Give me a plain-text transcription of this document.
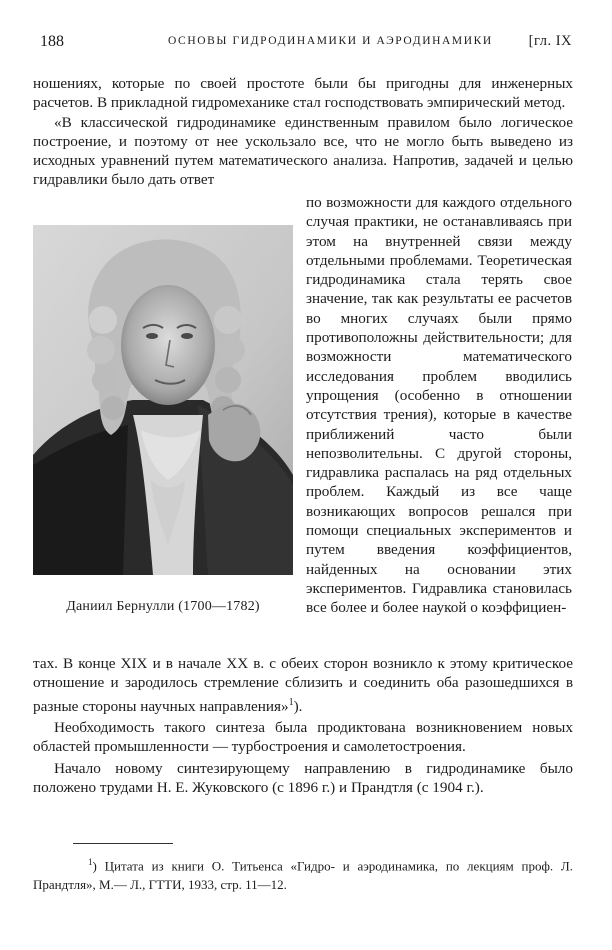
188	ОСНОВЫ ГИДРОДИНАМИКИ И АЭРОДИНАМИКИ [гл. IX

ношениях, которые по своей простоте были бы пригодны для инженерных расчетов. В прикладной гидромеханике стал господствовать эмпирический метод.

«В классической гидродинамике единственным правилом было логическое построение, и поэтому от нее ускользало все, что не могло быть выведено из исходных уравнений путем математического анализа. Напротив, задачей и целью гидравлики было дать ответ

Даниил Бернулли (1700—1782)

по возможности для каждого отдельного случая практики, не останавливаясь при этом на внутренней связи между отдельными проблемами. Теоретическая гидродинамика стала терять свое значение, так как результаты ее расчетов во многих случаях были прямо противоположны действительности; для возможности математического исследования проблем вводились упрощения (особенно в отношении отсутствия трения), которые в качестве приближений часто были непозволительны. С другой стороны, гидравлика распалась на ряд отдельных проблем. Каждый из все чаще возникающих вопросов решался при помощи специальных экспериментов и путем введения коэффициентов, найденных на основании этих экспериментов. Гидравлика становилась все более и более наукой о коэффициен-

тах. В конце XIX и в начале XX в. с обеих сторон возникло к этому критическое отношение и зародилось стремление сблизить и соединить оба разошедшихся в разные стороны научных направления»$^1$).

Необходимость такого синтеза была продиктована возникновением новых областей промышленности — турбостроения и самолетостроения.

Начало новому синтезирующему направлению в гидродинамике было положено трудами Н. Е. Жуковского (с 1896 г.) и Прандтля (с 1904 г.).

$^1$) Цитата из книги О. Титьенса «Гидро- и аэродинамика, по лекциям проф. Л. Прандтля», М.— Л., ГТТИ, 1933, стр. 11—12.
